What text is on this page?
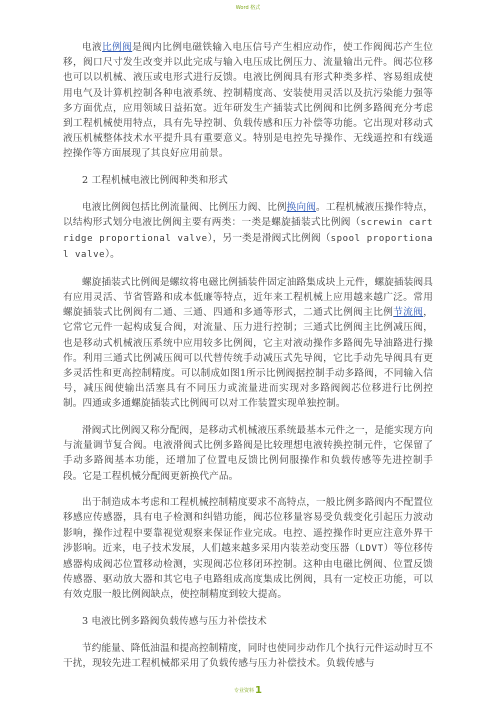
Word 格式

电液比例阀是阀内比例电磁铁输入电压信号产生相应动作，使工作阀阀芯产生位移，阀口尺寸发生改变并以此完成与输入电压成比例压力、流量输出元件。阀芯位移也可以以机械、液压或电形式进行反馈。电液比例阀具有形式种类多样、容易组成使用电气及计算机控制各种电液系统、控制精度高、安装使用灵活以及抗污染能力强等多方面优点，应用领域日益拓宽。近年研发生产插装式比例阀和比例多路阀充分考虑到工程机械使用特点，具有先导控制、负载传感和压力补偿等功能。它出现对移动式液压机械整体技术水平提升具有重要意义。特别是电控先导操作、无线遥控和有线遥控操作等方面展现了其良好应用前景。

2 工程机械电液比例阀种类和形式

电液比例阀包括比例流量阀、比例压力阀、比例换向阀。工程机械液压操作特点，以结构形式划分电液比例阀主要有两类：一类是螺旋插装式比例阀（screwin cartridge proportional valve），另一类是滑阀式比例阀（spool proportional valve）。

螺旋插装式比例阀是螺纹将电磁比例插装件固定油路集成块上元件，螺旋插装阀具有应用灵活、节省管路和成本低廉等特点，近年来工程机械上应用越来越广泛。常用螺旋插装式比例阀有二通、三通、四通和多通等形式，二通式比例阀主比例节流阀，它常它元件一起构成复合阀，对流量、压力进行控制；三通式比例阀主比例减压阀，也是移动式机械液压系统中应用较多比例阀，它主对液动操作多路阀先导油路进行操作。利用三通式比例减压阀可以代替传统手动减压式先导阀，它比手动先导阀具有更多灵活性和更高控制精度。可以制成如图1所示比例阀据控制手动多路阀，不同输入信号，减压阀使输出活塞具有不同压力或流量进而实现对多路阀阀芯位移进行比例控制。四通或多通螺旋插装式比例阀可以对工作装置实现单独控制。

滑阀式比例阀又称分配阀，是移动式机械液压系统最基本元件之一，是能实现方向与流量调节复合阀。电液滑阀式比例多路阀是比较理想电液转换控制元件，它保留了手动多路阀基本功能，还增加了位置电反馈比例伺服操作和负载传感等先进控制手段。它是工程机械分配阀更新换代产品。

出于制造成本考虑和工程机械控制精度要求不高特点，一般比例多路阀内不配置位移感应传感器，具有电子检测和纠错功能，阀芯位移量容易受负载变化引起压力波动影响，操作过程中要靠视觉观察来保证作业完成。电控、遥控操作时更应注意外界干涉影响。近来，电子技术发展，人们越来越多采用内装差动变压器（LDVT）等位移传感器构成阀芯位置移动检测，实现阀芯位移闭环控制。这种由电磁比例阀、位置反馈传感器、驱动放大器和其它电子电路组成高度集成比例阀，具有一定校正功能，可以有效克服一般比例阀缺点，使控制精度到较大提高。

3 电液比例多路阀负载传感与压力补偿技术

节约能量、降低油温和提高控制精度，同时也使同步动作几个执行元件运动时互不干扰，现较先进工程机械都采用了负载传感与压力补偿技术。负载传感与

专业资料1
